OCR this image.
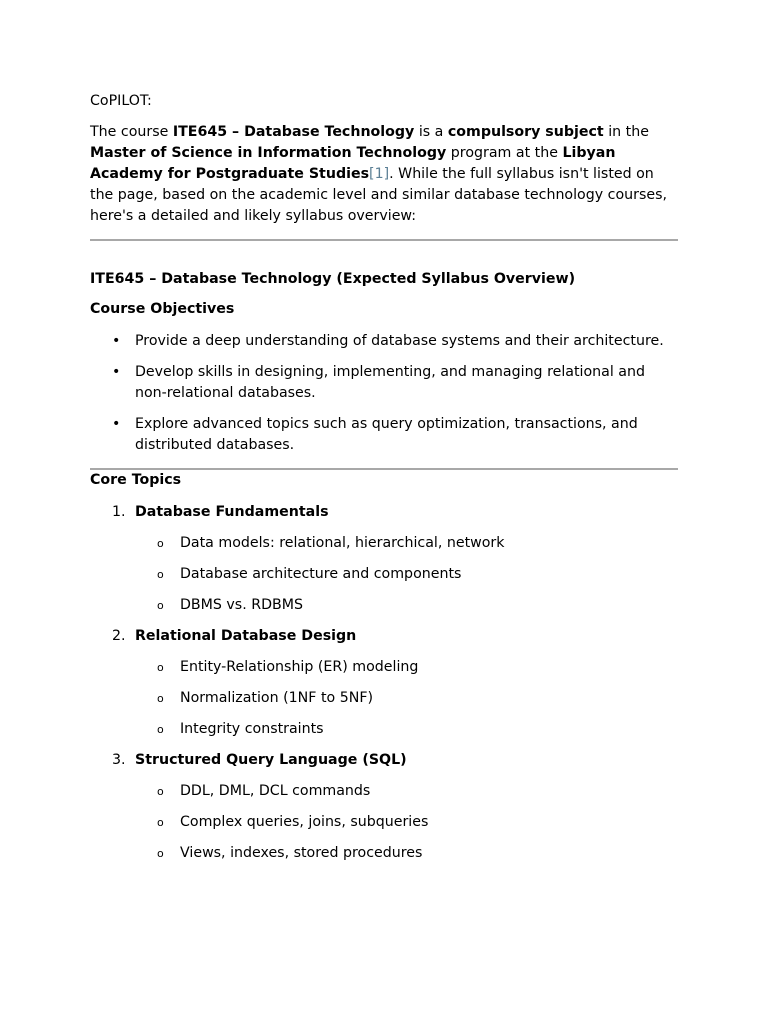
CoPILOT:

The course ITE645 – Database Technology is a compulsory subject in the Master of Science in Information Technology program at the Libyan Academy for Postgraduate Studies[1]. While the full syllabus isn't listed on the page, based on the academic level and similar database technology courses, here's a detailed and likely syllabus overview:

ITE645 – Database Technology (Expected Syllabus Overview)
Course Objectives
• Provide a deep understanding of database systems and their architecture.
• Develop skills in designing, implementing, and managing relational and non-relational databases.
• Explore advanced topics such as query optimization, transactions, and distributed databases.
Core Topics
1. Database Fundamentals
o Data models: relational, hierarchical, network
o Database architecture and components
o DBMS vs. RDBMS
2. Relational Database Design
o Entity-Relationship (ER) modeling
o Normalization (1NF to 5NF)
o Integrity constraints
3. Structured Query Language (SQL)
o DDL, DML, DCL commands
o Complex queries, joins, subqueries
o Views, indexes, stored procedures
